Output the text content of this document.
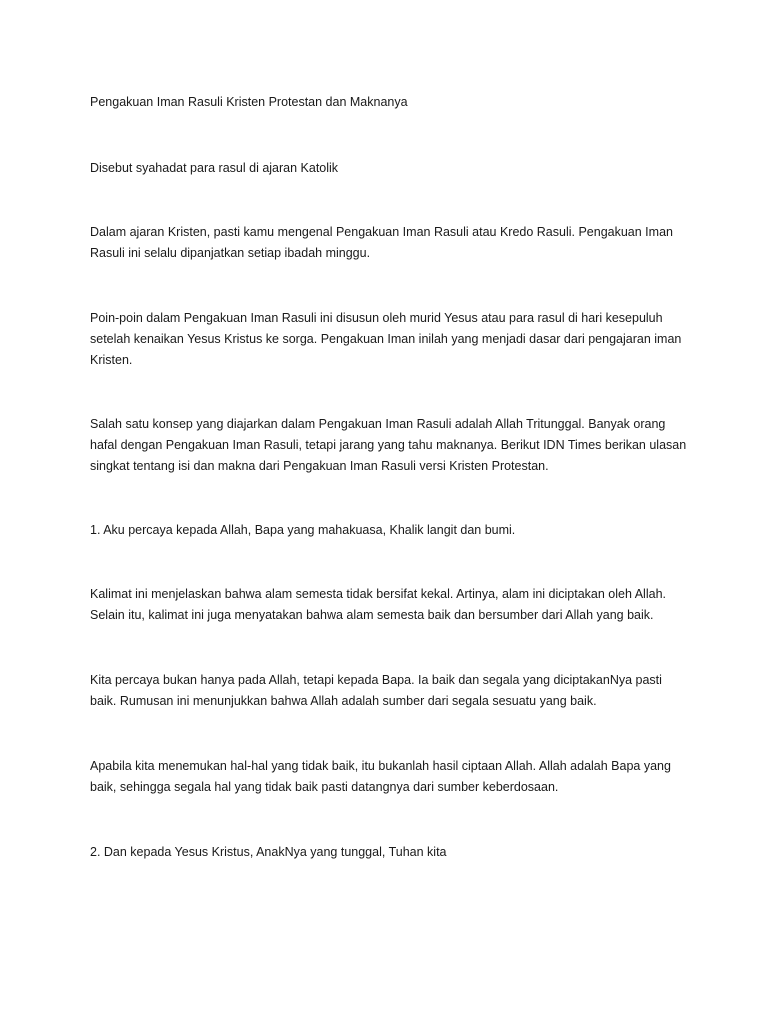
Pengakuan Iman Rasuli Kristen Protestan dan Maknanya

Disebut syahadat para rasul di ajaran Katolik

Dalam ajaran Kristen, pasti kamu mengenal Pengakuan Iman Rasuli atau Kredo Rasuli. Pengakuan Iman Rasuli ini selalu dipanjatkan setiap ibadah minggu.

Poin-poin dalam Pengakuan Iman Rasuli ini disusun oleh murid Yesus atau para rasul di hari kesepuluh setelah kenaikan Yesus Kristus ke sorga. Pengakuan Iman inilah yang menjadi dasar dari pengajaran iman Kristen.

Salah satu konsep yang diajarkan dalam Pengakuan Iman Rasuli adalah Allah Tritunggal. Banyak orang hafal dengan Pengakuan Iman Rasuli, tetapi jarang yang tahu maknanya. Berikut IDN Times berikan ulasan singkat tentang isi dan makna dari Pengakuan Iman Rasuli versi Kristen Protestan.

1. Aku percaya kepada Allah, Bapa yang mahakuasa, Khalik langit dan bumi.

Kalimat ini menjelaskan bahwa alam semesta tidak bersifat kekal. Artinya, alam ini diciptakan oleh Allah. Selain itu, kalimat ini juga menyatakan bahwa alam semesta baik dan bersumber dari Allah yang baik.

Kita percaya bukan hanya pada Allah, tetapi kepada Bapa. Ia baik dan segala yang diciptakanNya pasti baik. Rumusan ini menunjukkan bahwa Allah adalah sumber dari segala sesuatu yang baik.

Apabila kita menemukan hal-hal yang tidak baik, itu bukanlah hasil ciptaan Allah. Allah adalah Bapa yang baik, sehingga segala hal yang tidak baik pasti datangnya dari sumber keberdosaan.

2. Dan kepada Yesus Kristus, AnakNya yang tunggal, Tuhan kita
